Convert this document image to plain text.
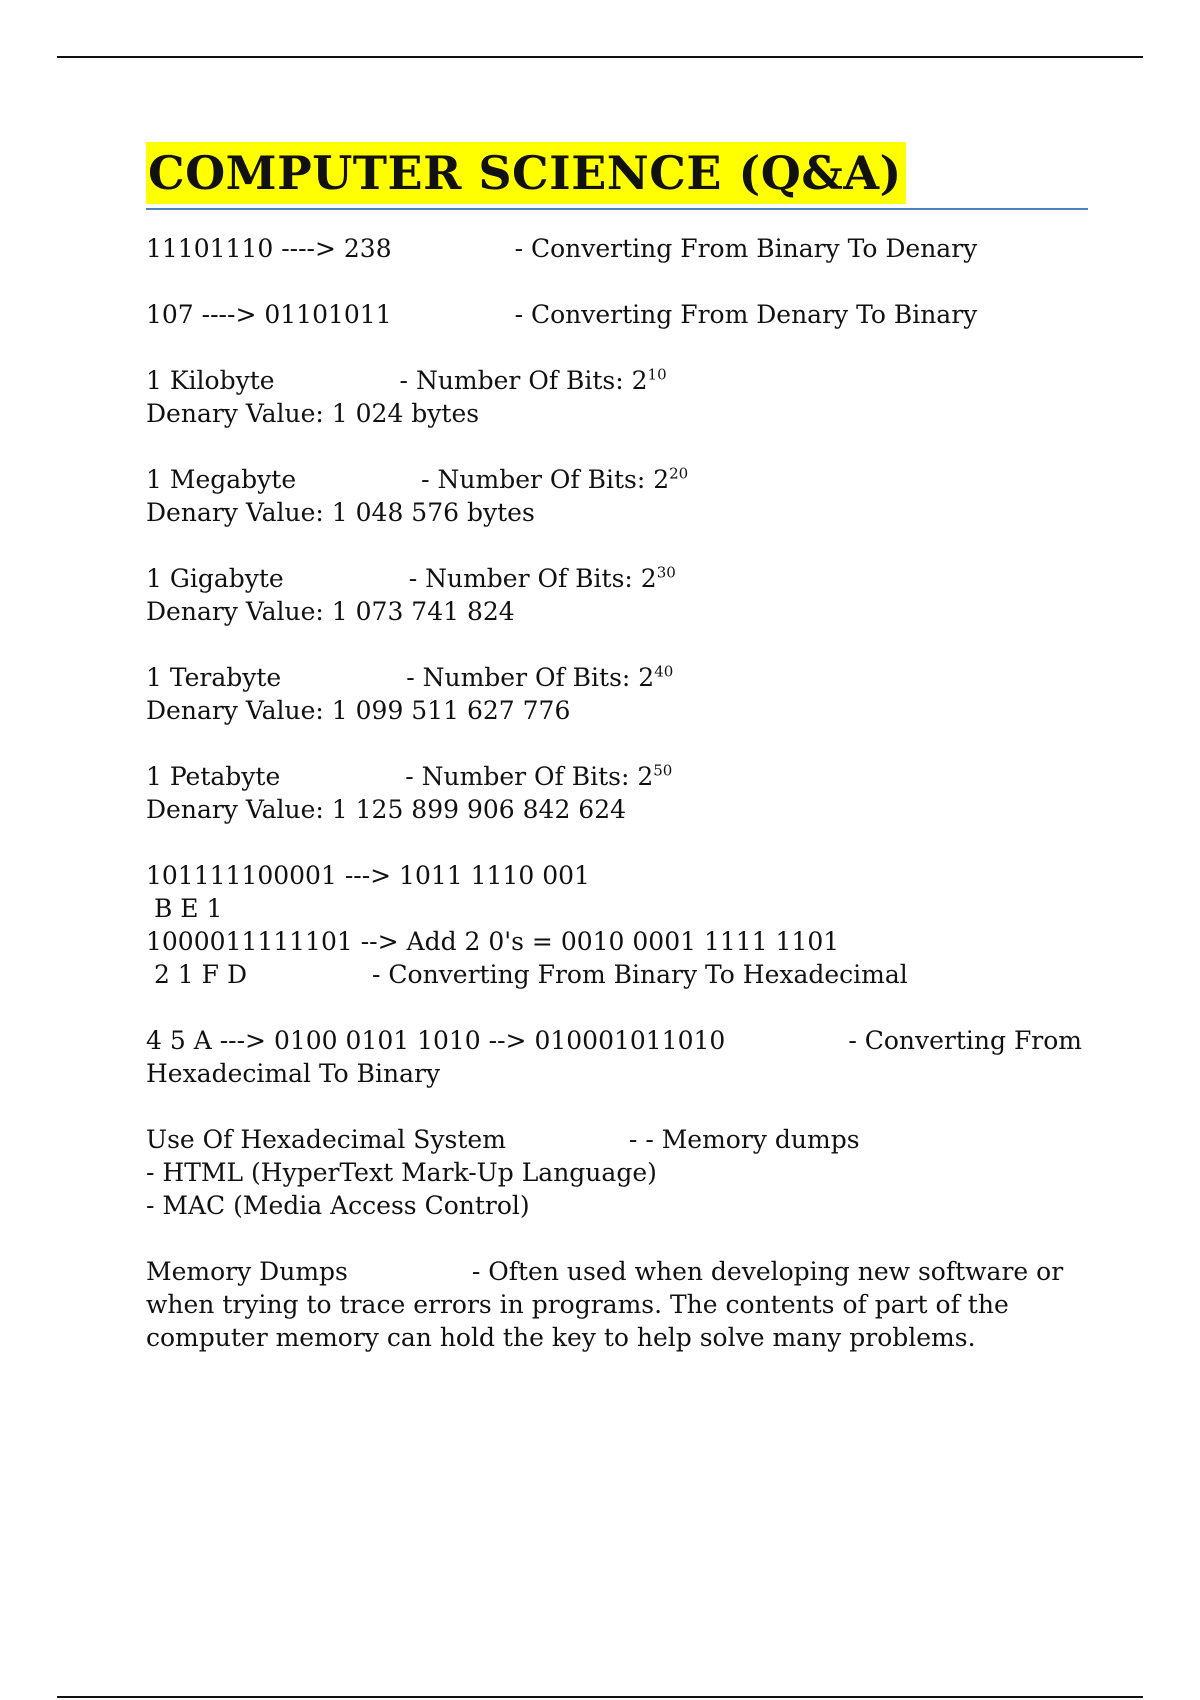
COMPUTER SCIENCE (Q&A)
11101110 ----> 238	- Converting From Binary To Denary
107 ----> 01101011	- Converting From Denary To Binary
1 Kilobyte	- Number Of Bits: $2^{10}$
Denary Value: 1 024 bytes
1 Megabyte	- Number Of Bits: $2^{20}$
Denary Value: 1 048 576 bytes
1 Gigabyte	- Number Of Bits: $2^{30}$
Denary Value: 1 073 741 824
1 Terabyte	- Number Of Bits: $2^{40}$
Denary Value: 1 099 511 627 776
1 Petabyte	- Number Of Bits: $2^{50}$
Denary Value: 1 125 899 906 842 624
101111100001 ---> 1011 1110 001
B E 1
1000011111101 --> Add 2 0's = 0010 0001 1111 1101
2 1 F D	- Converting From Binary To Hexadecimal
4 5 A ---> 0100 0101 1010 --> 010001011010	- Converting From
Hexadecimal To Binary
Use Of Hexadecimal System	- - Memory dumps
- HTML (HyperText Mark-Up Language)
- MAC (Media Access Control)
Memory Dumps	- Often used when developing new software or when trying to trace errors in programs. The contents of part of the computer memory can hold the key to help solve many problems.
